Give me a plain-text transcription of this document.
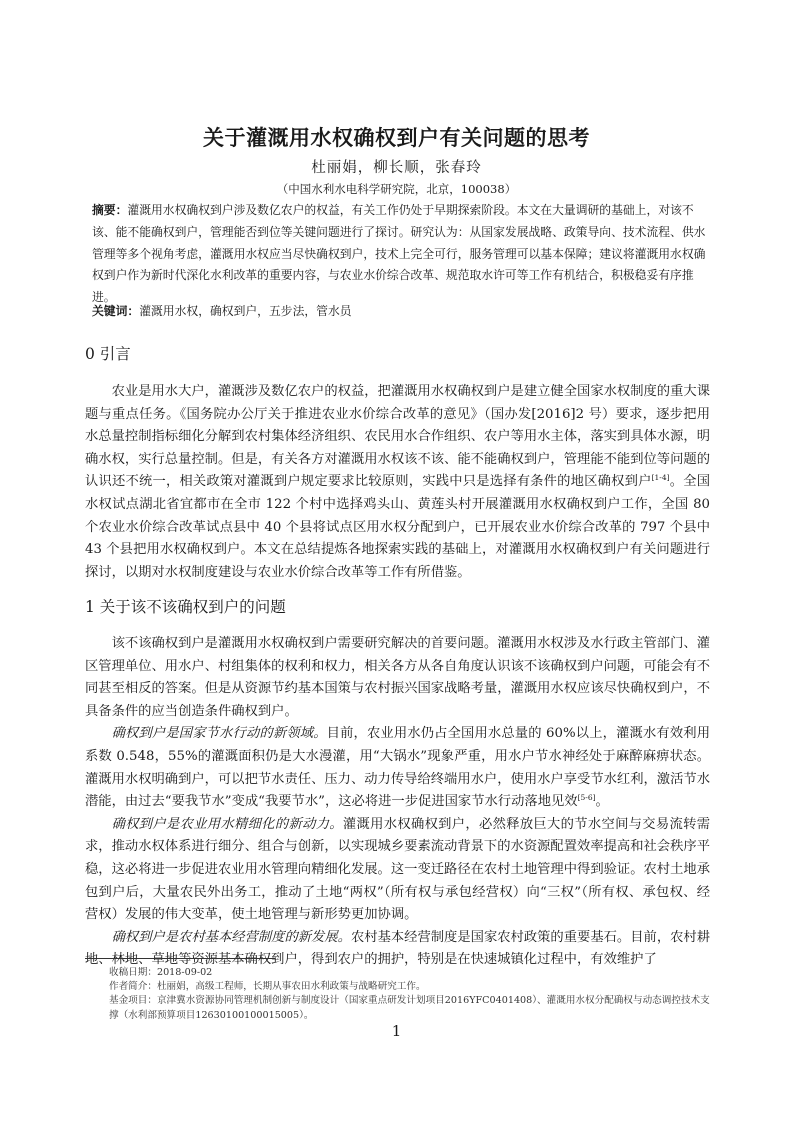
关于灌溉用水权确权到户有关问题的思考
杜丽娟，柳长顺，张春玲
（中国水利水电科学研究院，北京，100038）
摘要：灌溉用水权确权到户涉及数亿农户的权益，有关工作仍处于早期探索阶段。本文在大量调研的基础上，对该不该、能不能确权到户，管理能否到位等关键问题进行了探讨。研究认为：从国家发展战略、政策导向、技术流程、供水管理等多个视角考虑，灌溉用水权应当尽快确权到户，技术上完全可行，服务管理可以基本保障；建议将灌溉用水权确权到户作为新时代深化水利改革的重要内容，与农业水价综合改革、规范取水许可等工作有机结合，积极稳妥有序推进。
关键词：灌溉用水权，确权到户，五步法，管水员
0 引言

农业是用水大户，灌溉涉及数亿农户的权益，把灌溉用水权确权到户是建立健全国家水权制度的重大课题与重点任务。《国务院办公厅关于推进农业水价综合改革的意见》（国办发[2016]2 号）要求，逐步把用水总量控制指标细化分解到农村集体经济组织、农民用水合作组织、农户等用水主体，落实到具体水源，明确水权，实行总量控制。但是，有关各方对灌溉用水权该不该、能不能确权到户，管理能不能到位等问题的认识还不统一，相关政策对灌溉到户规定要求比较原则，实践中只是选择有条件的地区确权到户[1-4]。全国水权试点湖北省宜都市在全市 122 个村中选择鸡头山、黄莲头村开展灌溉用水权确权到户工作，全国 80 个农业水价综合改革试点县中 40 个县将试点区用水权分配到户，已开展农业水价综合改革的 797 个县中 43 个县把用水权确权到户。本文在总结提炼各地探索实践的基础上，对灌溉用水权确权到户有关问题进行探讨，以期对水权制度建设与农业水价综合改革等工作有所借鉴。

1 关于该不该确权到户的问题

该不该确权到户是灌溉用水权确权到户需要研究解决的首要问题。灌溉用水权涉及水行政主管部门、灌区管理单位、用水户、村组集体的权利和权力，相关各方从各自角度认识该不该确权到户问题，可能会有不同甚至相反的答案。但是从资源节约基本国策与农村振兴国家战略考量，灌溉用水权应该尽快确权到户，不具备条件的应当创造条件确权到户。

确权到户是国家节水行动的新领域。目前，农业用水仍占全国用水总量的 60%以上，灌溉水有效利用系数 0.548，55%的灌溉面积仍是大水漫灌，用“大锅水”现象严重，用水户节水神经处于麻醉麻痹状态。灌溉用水权明确到户，可以把节水责任、压力、动力传导给终端用水户，使用水户享受节水红利，激活节水潜能，由过去“要我节水”变成“我要节水”，这必将进一步促进国家节水行动落地见效[5-6]。

确权到户是农业用水精细化的新动力。灌溉用水权确权到户，必然释放巨大的节水空间与交易流转需求，推动水权体系进行细分、组合与创新，以实现城乡要素流动背景下的水资源配置效率提高和社会秩序平稳，这必将进一步促进农业用水管理向精细化发展。这一变迁路径在农村土地管理中得到验证。农村土地承包到户后，大量农民外出务工，推动了土地“两权”（所有权与承包经营权）向“三权”（所有权、承包权、经营权）发展的伟大变革，使土地管理与新形势更加协调。

确权到户是农村基本经营制度的新发展。农村基本经营制度是国家农村政策的重要基石。目前，农村耕地、林地、草地等资源基本确权到户，得到农户的拥护，特别是在快速城镇化过程中，有效维护了

收稿日期：2018-09-02
作者简介：杜丽娟，高级工程师，长期从事农田水利政策与战略研究工作。
基金项目：京津冀水资源协同管理机制创新与制度设计（国家重点研发计划项目2016YFC0401408）、灌溉用水权分配确权与动态调控技术支撑（水利部预算项目126301001000150​05）。
1
